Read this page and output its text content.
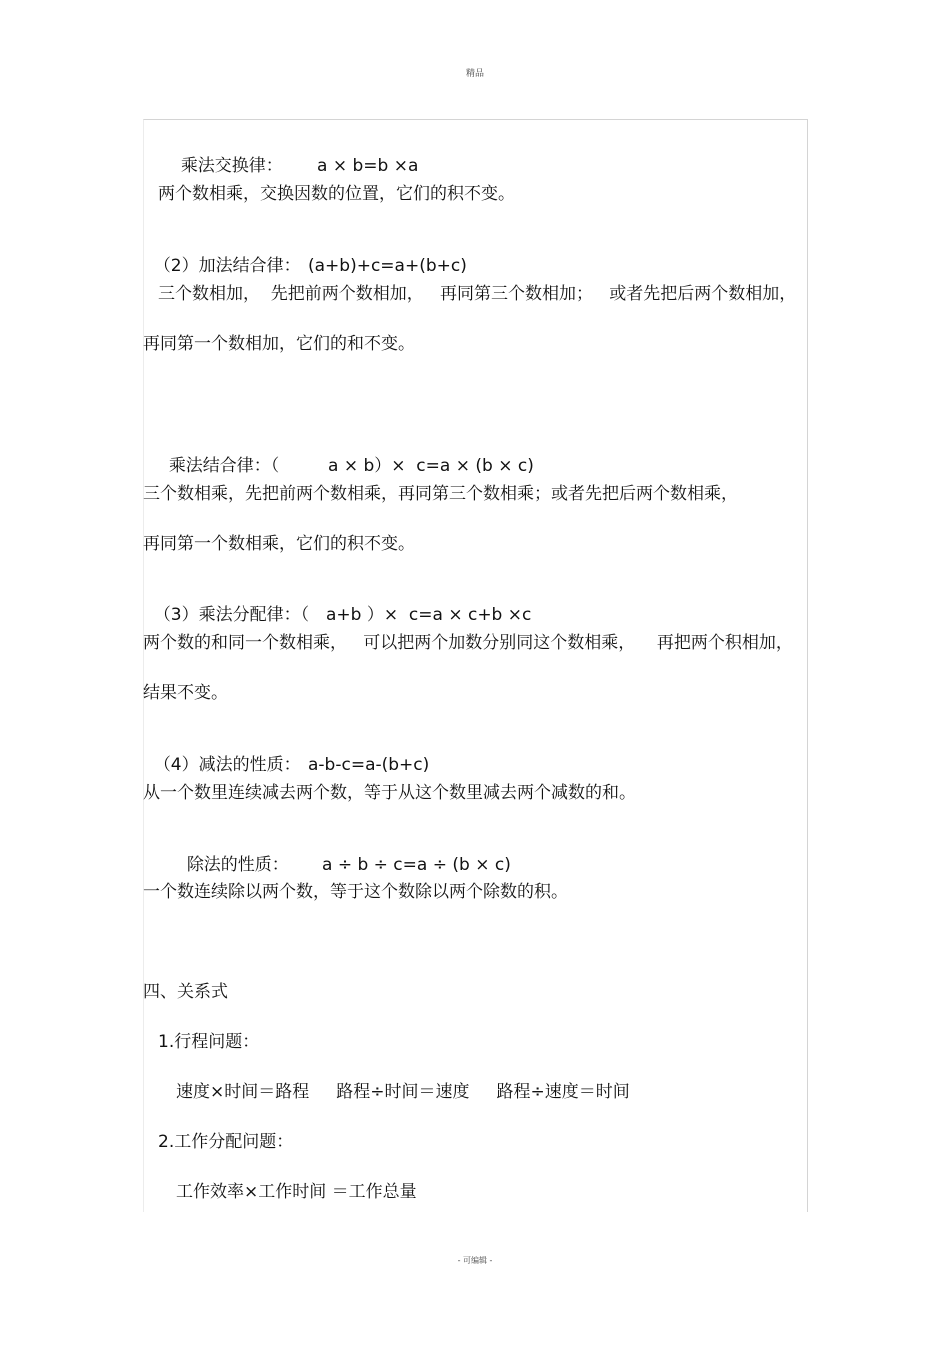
精品

乘法交换律： a × b=b ×a

两个数相乘，交换因数的位置，它们的积不变。

（2）加法结合律： (a+b)+c=a+(b+c)

三个数相加，  先把前两个数相加，   再同第三个数相加；   或者先把后两个数相加，
再同第一个数相加，它们的和不变。

乘法结合律：（	a × b）×  c=a × (b × c)

三个数相乘，先把前两个数相乘，再同第三个数相乘；或者先把后两个数相乘，
再同第一个数相乘，它们的积不变。

（3）乘法分配律：（ a+b ）×  c=a × c+b ×c

两个数的和同一个数相乘，   可以把两个加数分别同这个数相乘，    再把两个积相加，
结果不变。

（4）减法的性质： a-b-c=a-(b+c)

从一个数里连续减去两个数，等于从这个数里减去两个减数的和。

除法的性质： a ÷ b ÷ c=a ÷ (b × c)

一个数连续除以两个数，等于这个数除以两个除数的积。
四、关系式
1.行程问题：
速度×时间＝路程     路程÷时间＝速度     路程÷速度＝时间
2.工作分配问题：
工作效率×工作时间 ＝工作总量
- 可编辑 -
